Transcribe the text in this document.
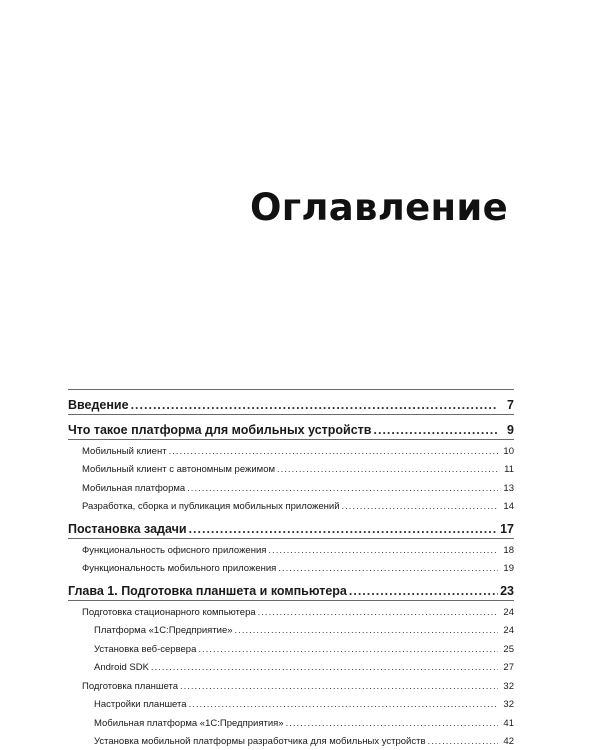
Оглавление
Введение .....	7
Что такое платформа для мобильных устройств .....	9
Мобильный клиент .....	10
Мобильный клиент с автономным режимом .....	11
Мобильная платформа .....	13
Разработка, сборка и публикация мобильных приложений .....	14
Постановка задачи .....	17
Функциональность офисного приложения .....	18
Функциональность мобильного приложения .....	19
Глава 1. Подготовка планшета и компьютера .....	23
Подготовка стационарного компьютера .....	24
Платформа «1С:Предприятие» .....	24
Установка веб-сервера .....	25
Android SDK .....	27
Подготовка планшета .....	32
Настройки планшета .....	32
Мобильная платформа «1С:Предприятия» .....	41
Установка мобильной платформы разработчика для мобильных устройств .....	42
